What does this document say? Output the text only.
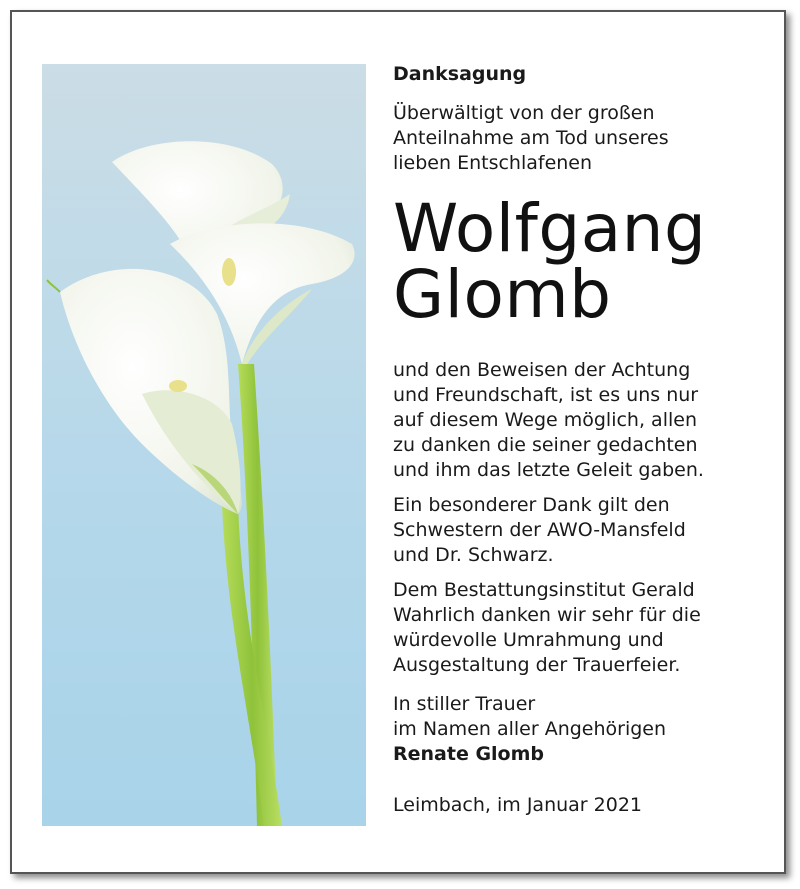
Danksagung

Überwältigt von der großen

Anteilnahme am Tod unseres

lieben Entschlafenen

Wolfgang

Glomb

und den Beweisen der Achtung

und Freundschaft, ist es uns nur

auf diesem Wege möglich, allen

zu danken die seiner gedachten

und ihm das letzte Geleit gaben.

Ein besonderer Dank gilt den

Schwestern der AWO-Mansfeld

und Dr. Schwarz.

Dem Bestattungsinstitut Gerald

Wahrlich danken wir sehr für die

würdevolle Umrahmung und

Ausgestaltung der Trauerfeier.

In stiller Trauer

im Namen aller Angehörigen

Renate Glomb

Leimbach, im Januar 2021
